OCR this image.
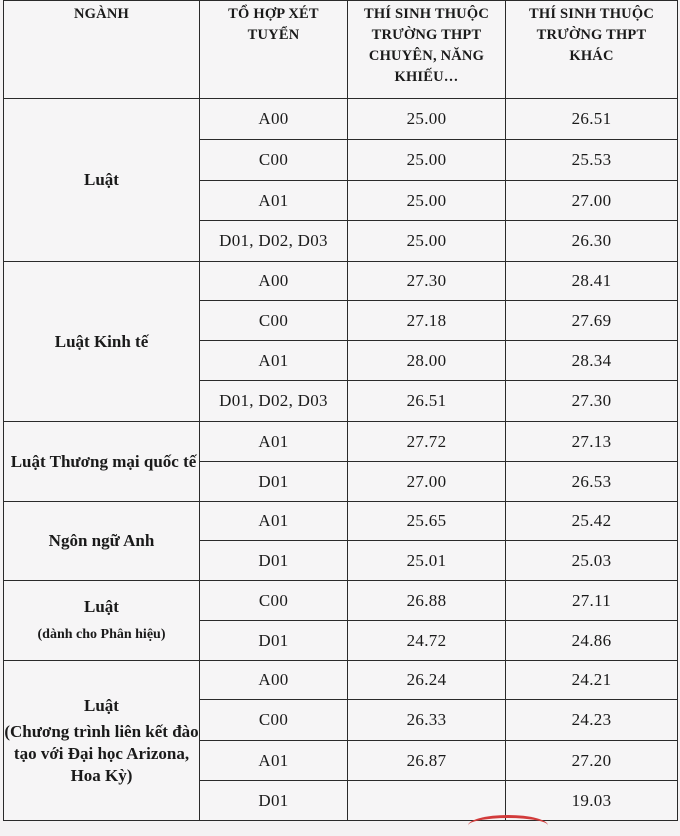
NGÀNH	TỔ HỢP XÉT TUYỂN	THÍ SINH THUỘC TRƯỜNG THPT CHUYÊN, NĂNG KHIẾU…	THÍ SINH THUỘC TRƯỜNG THPT KHÁC
Luật	A00	25.00	26.51
	C00	25.00	25.53
	A01	25.00	27.00
	D01, D02, D03	25.00	26.30
Luật Kinh tế	A00	27.30	28.41
	C00	27.18	27.69
	A01	28.00	28.34
	D01, D02, D03	26.51	27.30
Luật Thương mại quốc tế	A01	27.72	27.13
	D01	27.00	26.53
Ngôn ngữ Anh	A01	25.65	25.42
	D01	25.01	25.03
Luật
(dành cho Phân hiệu)	C00	26.88	27.11
	D01	24.72	24.86
Luật
(Chương trình liên kết đào tạo với Đại học Arizona, Hoa Kỳ)	A00	26.24	24.21
	C00	26.33	24.23
	A01	26.87	27.20
	D01		19.03
